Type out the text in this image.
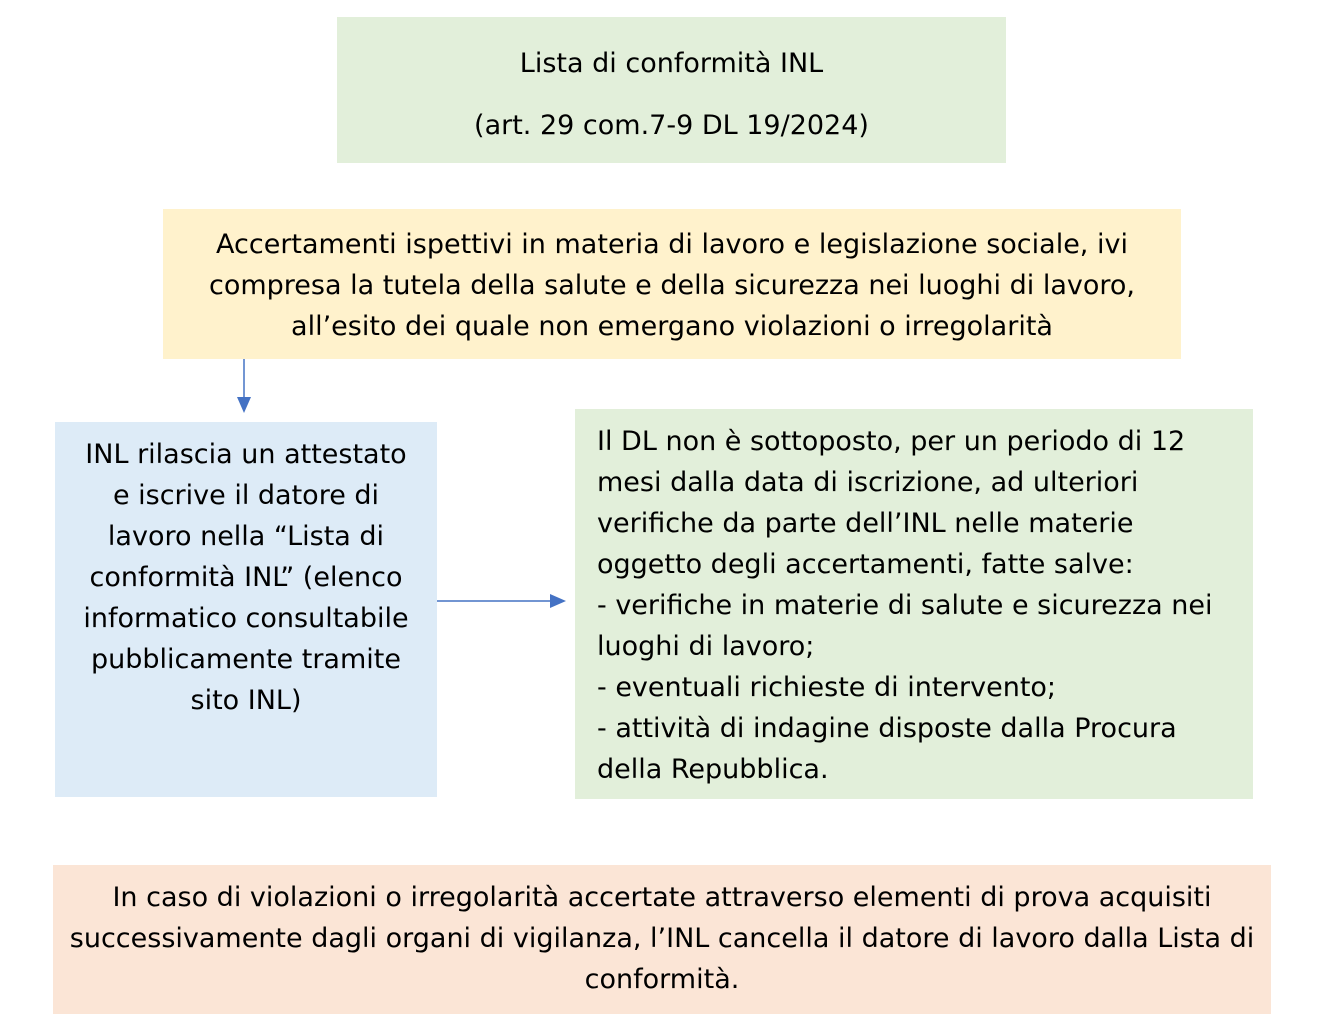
Lista di conformità INL
(art. 29 com.7-9 DL 19/2024)
Accertamenti ispettivi in materia di lavoro e legislazione sociale, ivi compresa la tutela della salute e della sicurezza nei luoghi di lavoro, all’esito dei quale non emergano violazioni o irregolarità
INL rilascia un attestato e iscrive il datore di lavoro nella “Lista di conformità INL” (elenco informatico consultabile pubblicamente tramite sito INL)
Il DL non è sottoposto, per un periodo di 12
mesi dalla data di iscrizione, ad ulteriori
verifiche da parte dell’INL nelle materie
oggetto degli accertamenti, fatte salve:
- verifiche in materie di salute e sicurezza nei
luoghi di lavoro;
- eventuali richieste di intervento;
- attività di indagine disposte dalla Procura
della Repubblica.
In caso di violazioni o irregolarità accertate attraverso elementi di prova acquisiti successivamente dagli organi di vigilanza, l’INL cancella il datore di lavoro dalla Lista di conformità.
